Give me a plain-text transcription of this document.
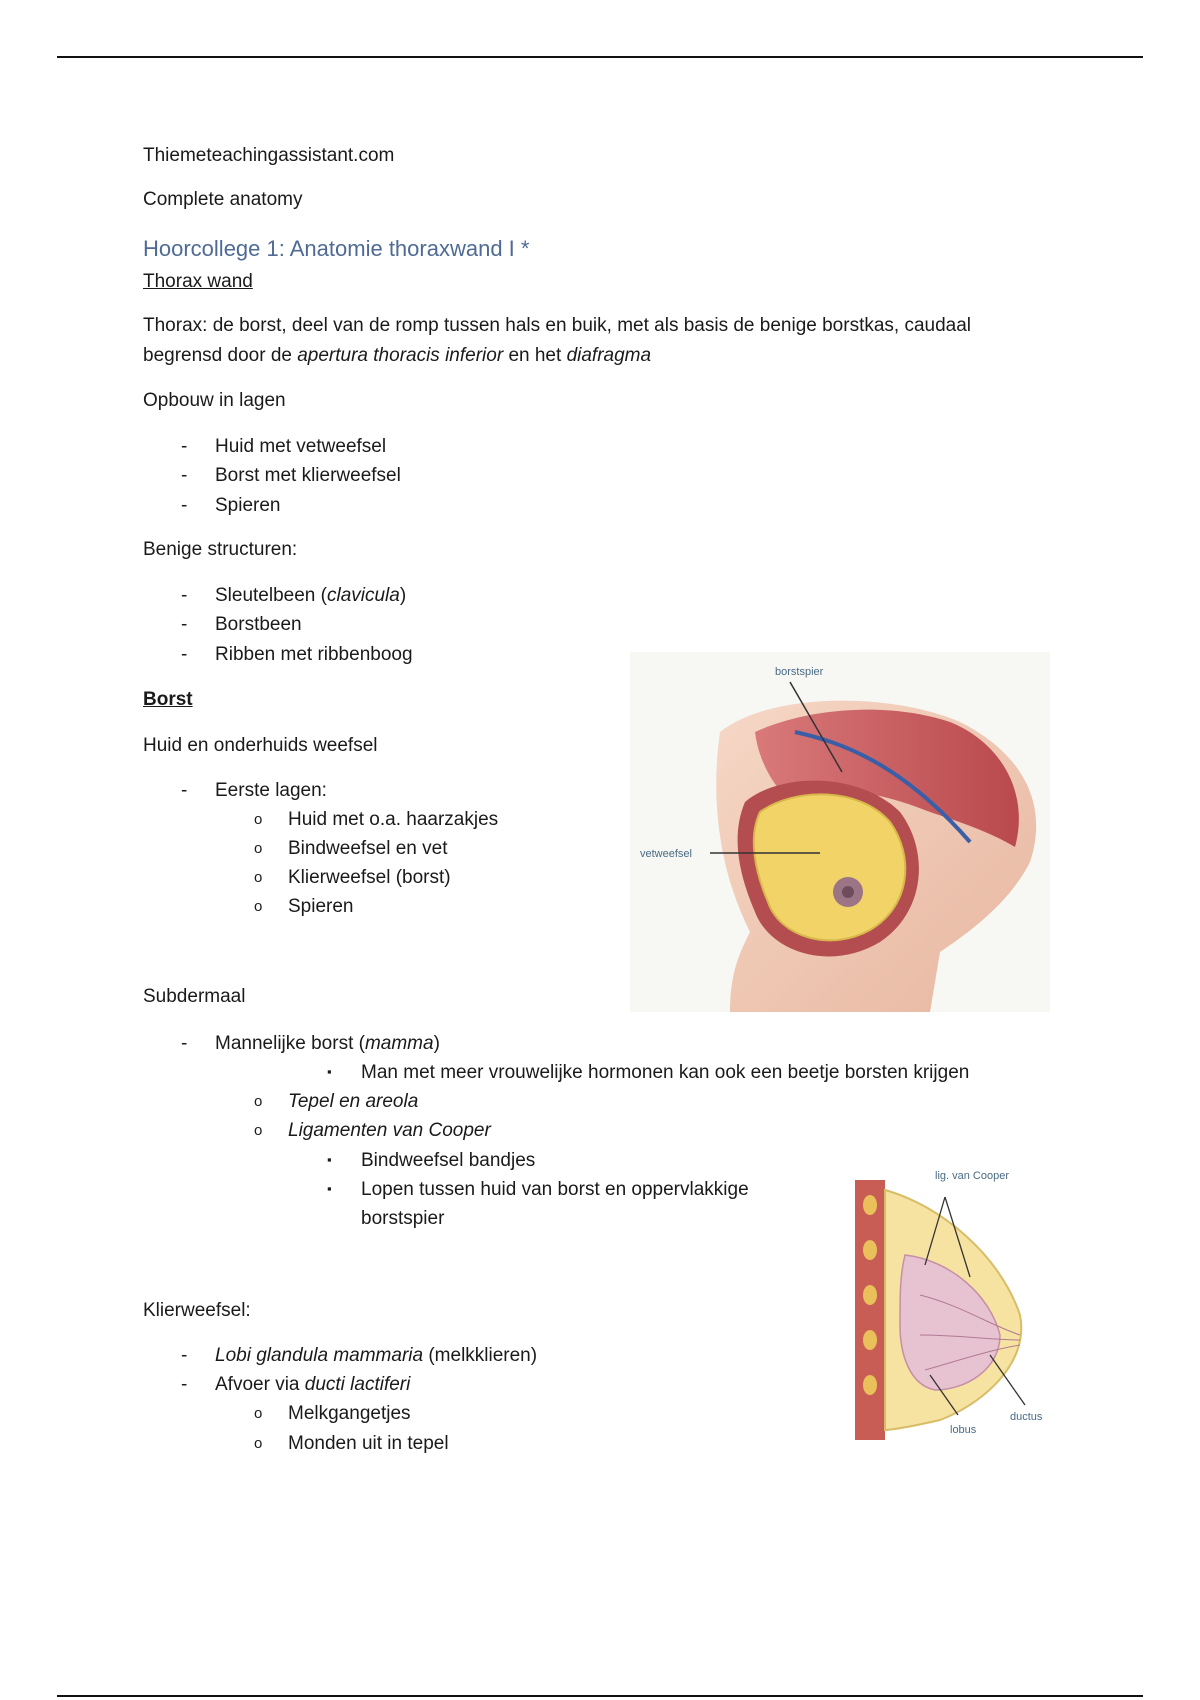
Thiemeteachingassistant.com
Complete anatomy
Hoorcollege 1: Anatomie thoraxwand I *
Thorax wand
Thorax: de borst, deel van de romp tussen hals en buik, met als basis de benige borstkas, caudaal
begrensd door de apertura thoracis inferior en het diafragma
Opbouw in lagen
- Huid met vetweefsel
- Borst met klierweefsel
- Spieren
Benige structuren:
- Sleutelbeen (clavicula)
- Borstbeen
- Ribben met ribbenboog
Borst
Huid en onderhuids weefsel
- Eerste lagen:
o Huid met o.a. haarzakjes
o Bindweefsel en vet
o Klierweefsel (borst)
o Spieren
Subdermaal
- Mannelijke borst (mamma)
▪ Man met meer vrouwelijke hormonen kan ook een beetje borsten krijgen
o Tepel en areola
o Ligamenten van Cooper
▪ Bindweefsel bandjes
▪ Lopen tussen huid van borst en oppervlakkige
borstspier
Klierweefsel:
- Lobi glandula mammaria (melkklieren)
- Afvoer via ducti lactiferi
o Melkgangetjes
o Monden uit in tepel
borstspier
vetweefsel
lig. van Cooper
lobus
ductus
